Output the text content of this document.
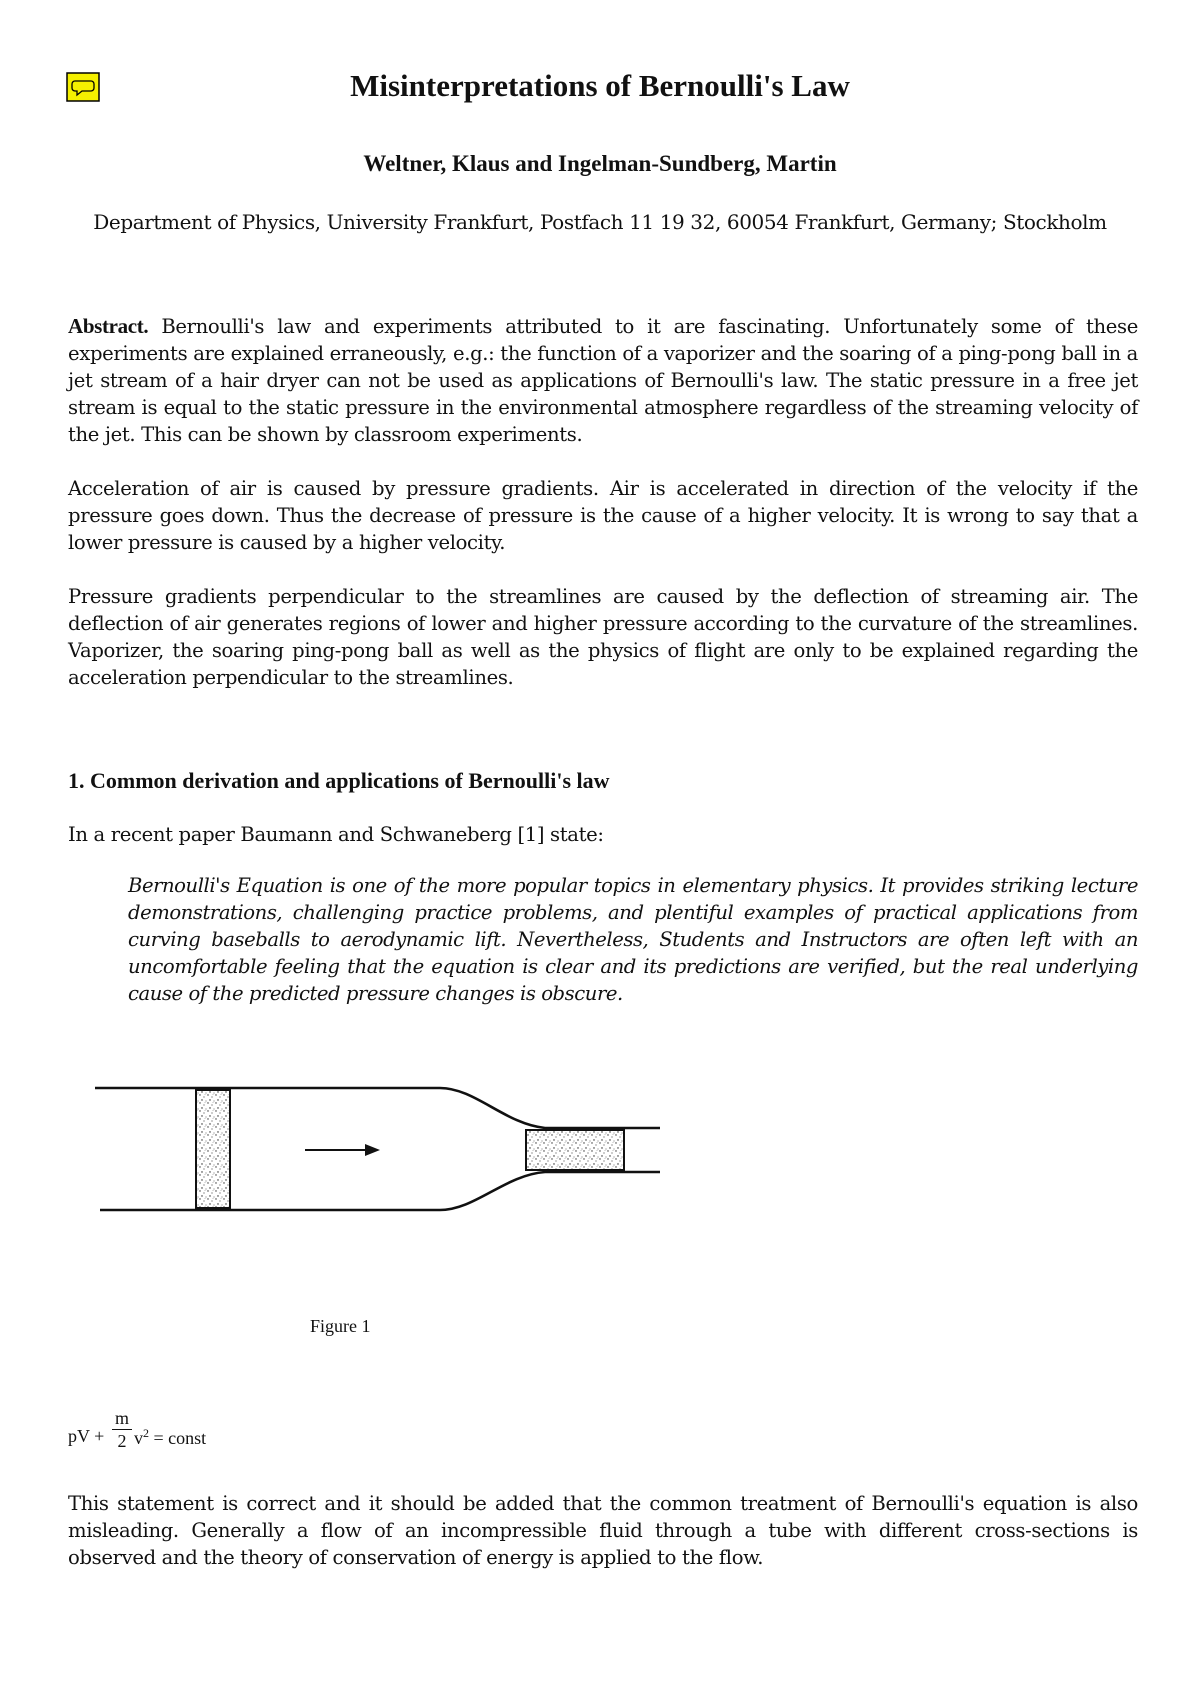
Misinterpretations of Bernoulli's Law
Weltner, Klaus and Ingelman-Sundberg, Martin
Department of Physics, University Frankfurt, Postfach 11 19 32, 60054 Frankfurt, Germany; Stockholm

Abstract. Bernoulli's law and experiments attributed to it are fascinating. Unfortunately some of these experiments are explained erraneously, e.g.: the function of a vaporizer and the soaring of a ping-pong ball in a jet stream of a hair dryer can not be used as applications of Bernoulli's law. The static pressure in a free jet stream is equal to the static pressure in the environmental atmosphere regardless of the streaming velocity of the jet. This can be shown by classroom experiments.

Acceleration of air is caused by pressure gradients. Air is accelerated in direction of the velocity if the pressure goes down. Thus the decrease of pressure is the cause of a higher velocity. It is wrong to say that a lower pressure is caused by a higher velocity.

Pressure gradients perpendicular to the streamlines are caused by the deflection of streaming air. The deflection of air generates regions of lower and higher pressure according to the curvature of the streamlines. Vaporizer, the soaring ping-pong ball as well as the physics of flight are only to be explained regarding the acceleration perpendicular to the streamlines.

1. Common derivation and applications of Bernoulli's law

In a recent paper Baumann and Schwaneberg [1] state:

Bernoulli's Equation is one of the more popular topics in elementary physics. It provides striking lecture demonstrations, challenging practice problems, and plentiful examples of practical applications from curving baseballs to aerodynamic lift. Nevertheless, Students and Instructors are often left with an uncomfortable feeling that the equation is clear and its predictions are verified, but the real underlying cause of the predicted pressure changes is obscure.

Figure 1
pV +
m
2 $v^2$ = const

This statement is correct and it should be added that the common treatment of Bernoulli's equation is also misleading. Generally a flow of an incompressible fluid through a tube with different cross-sections is observed and the theory of conservation of energy is applied to the flow.
